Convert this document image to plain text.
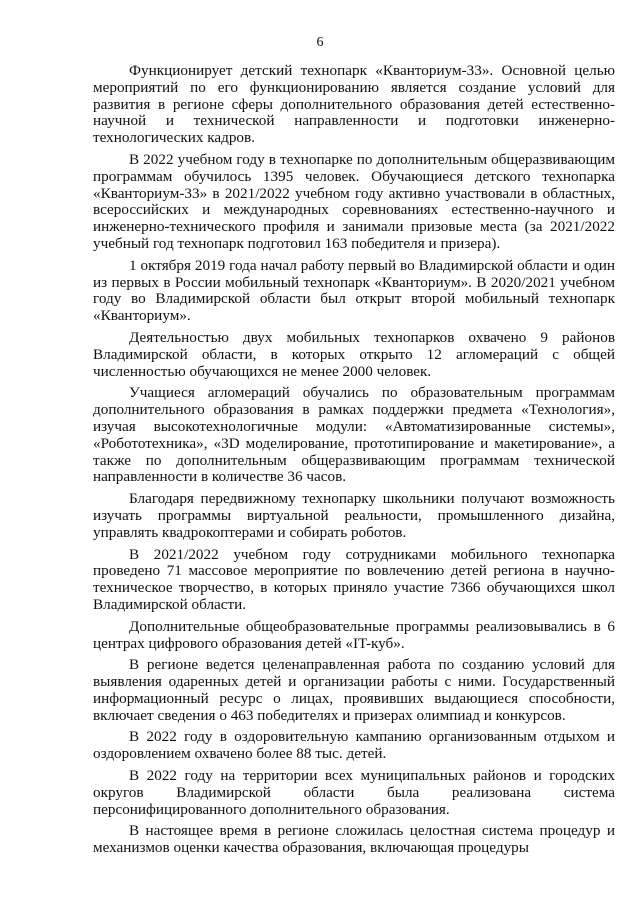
6

Функционирует детский технопарк «Кванториум-33». Основной целью мероприятий по его функционированию является создание условий для развития в регионе сферы дополнительного образования детей естественно-научной и технической направленности и подготовки инженерно-технологических кадров.

В 2022 учебном году в технопарке по дополнительным общеразвивающим программам обучилось 1395 человек. Обучающиеся детского технопарка «Кванториум-33» в 2021/2022 учебном году активно участвовали в областных, всероссийских и международных соревнованиях естественно-научного и инженерно-технического профиля и занимали призовые места (за 2021/2022 учебный год технопарк подготовил 163 победителя и призера).

1 октября 2019 года начал работу первый во Владимирской области и один из первых в России мобильный технопарк «Кванториум». В 2020/2021 учебном году во Владимирской области был открыт второй мобильный технопарк «Кванториум».

Деятельностью двух мобильных технопарков охвачено 9 районов Владимирской области, в которых открыто 12 агломераций с общей численностью обучающихся не менее 2000 человек.

Учащиеся агломераций обучались по образовательным программам дополнительного образования в рамках поддержки предмета «Технология», изучая высокотехнологичные модули: «Автоматизированные системы», «Робототехника», «3D моделирование, прототипирование и макетирование», а также по дополнительным общеразвивающим программам технической направленности в количестве 36 часов.

Благодаря передвижному технопарку школьники получают возможность изучать программы виртуальной реальности, промышленного дизайна, управлять квадрокоптерами и собирать роботов.

В 2021/2022 учебном году сотрудниками мобильного технопарка проведено 71 массовое мероприятие по вовлечению детей региона в научно-техническое творчество, в которых приняло участие 7366 обучающихся школ Владимирской области.

Дополнительные общеобразовательные программы реализовывались в 6 центрах цифрового образования детей «IT-куб».

В регионе ведется целенаправленная работа по созданию условий для выявления одаренных детей и организации работы с ними. Государственный информационный ресурс о лицах, проявивших выдающиеся способности, включает сведения о 463 победителях и призерах олимпиад и конкурсов.

В 2022 году в оздоровительную кампанию организованным отдыхом и оздоровлением охвачено более 88 тыс. детей.

В 2022 году на территории всех муниципальных районов и городских округов Владимирской области была реализована система персонифицированного дополнительного образования.

В настоящее время в регионе сложилась целостная система процедур и механизмов оценки качества образования, включающая процедуры
